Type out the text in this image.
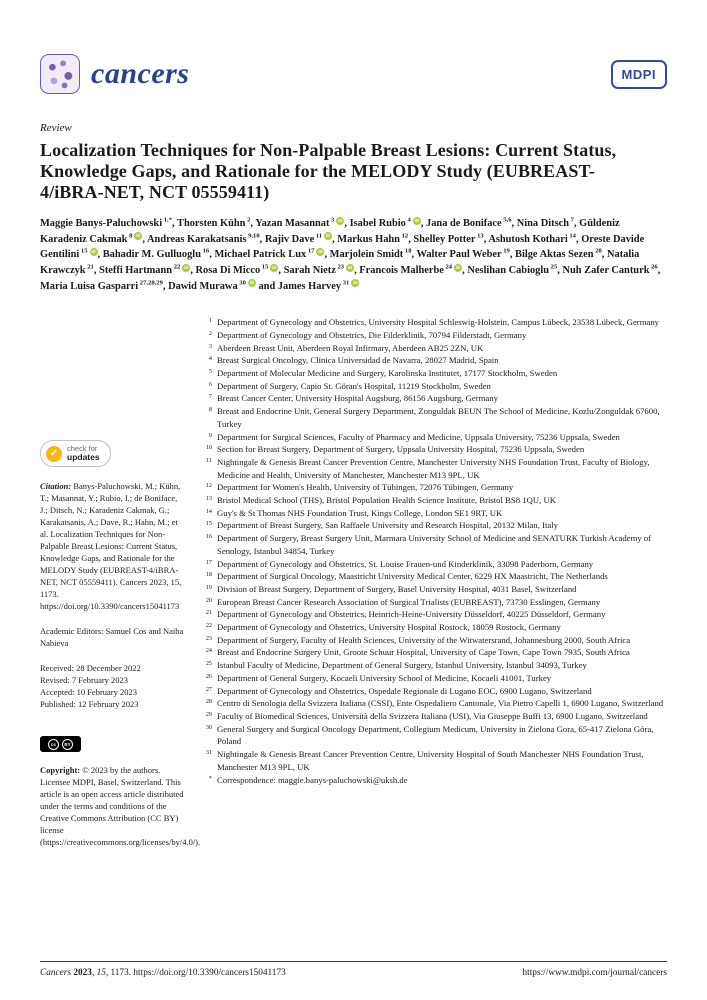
cancers	MDPI
Review
Localization Techniques for Non-Palpable Breast Lesions: Current Status, Knowledge Gaps, and Rationale for the MELODY Study (EUBREAST-4/iBRA-NET, NCT 05559411)

Maggie Banys-Paluchowski $^{1,*}$, Thorsten Kühn $^2$, Yazan Masannat $^3$ iD , Isabel Rubio $^4$ iD , Jana de Boniface $^{5,6}$, Nina Ditsch $^7$, Güldeniz Karadeniz Cakmak $^8$ iD , Andreas Karakatsanis $^{9,10}$, Rajiv Dave $^{11}$ iD , Markus Hahn $^{12}$, Shelley Potter $^{13}$, Ashutosh Kothari $^{14}$, Oreste Davide Gentilini $^{15}$ iD , Bahadir M. Gulluoglu $^{16}$, Michael Patrick Lux $^{17}$ iD , Marjolein Smidt $^{18}$, Walter Paul Weber $^{19}$, Bilge Aktas Sezen $^{20}$, Natalia Krawczyk $^{21}$, Steffi Hartmann $^{22}$ iD , Rosa Di Micco $^{15}$ iD , Sarah Nietz $^{23}$ iD , Francois Malherbe $^{24}$ iD , Neslihan Cabioglu $^{25}$, Nuh Zafer Canturk $^{26}$, Maria Luisa Gasparri $^{27,28,29}$, Dawid Murawa $^{30}$ iD and James Harvey $^{31}$ iD

✓	check for
updates

Citation: Banys-Paluchowski, M.; Kühn, T.; Masannat, Y.; Rubio, I.; de Boniface, J.; Ditsch, N.; Karadeniz Cakmak, G.; Karakatsanis, A.; Dave, R.; Hahn, M.; et al. Localization Techniques for Non-Palpable Breast Lesions: Current Status, Knowledge Gaps, and Rationale for the MELODY Study (EUBREAST-4/iBRA-NET, NCT 05559411). Cancers 2023, 15, 1173. https://doi.org/10.3390/cancers15041173

Academic Editors: Samuel Cos and Naiba Nabieva

Received: 28 December 2022
Revised: 7 February 2023
Accepted: 10 February 2023
Published: 12 February 2023
cc	BY

Copyright: © 2023 by the authors. Licensee MDPI, Basel, Switzerland. This article is an open access article distributed under the terms and conditions of the Creative Commons Attribution (CC BY) license (https://creativecommons.org/licenses/by/4.0/).

1 Department of Gynecology and Obstetrics, University Hospital Schleswig-Holstein, Campus Lübeck, 23538 Lübeck, Germany
2 Department of Gynecology and Obstetrics, Die Filderklinik, 70794 Filderstadt, Germany
3 Aberdeen Breast Unit, Aberdeen Royal Infirmary, Aberdeen AB25 2ZN, UK
4 Breast Surgical Oncology, Clinica Universidad de Navarra, 28027 Madrid, Spain
5 Department of Molecular Medicine and Surgery, Karolinska Institutet, 17177 Stockholm, Sweden
6 Department of Surgery, Capio St. Göran's Hospital, 11219 Stockholm, Sweden
7 Breast Cancer Center, University Hospital Augsburg, 86156 Augsburg, Germany
8 Breast and Endocrine Unit, General Surgery Department, Zonguldak BEUN The School of Medicine, Kozlu/Zonguldak 67600, Turkey
9 Department for Surgical Sciences, Faculty of Pharmacy and Medicine, Uppsala University, 75236 Uppsala, Sweden
10 Section for Breast Surgery, Department of Surgery, Uppsala University Hospital, 75236 Uppsala, Sweden
11 Nightingale & Genesis Breast Cancer Prevention Centre, Manchester University NHS Foundation Trust, Faculty of Biology, Medicine and Health, University of Manchester, Manchester M13 9PL, UK
12 Department for Women's Health, University of Tübingen, 72076 Tübingen, Germany
13 Bristol Medical School (THS), Bristol Population Health Science Institute, Bristol BS8 1QU, UK
14 Guy's & St Thomas NHS Foundation Trust, Kings College, London SE1 9RT, UK
15 Department of Breast Surgery, San Raffaele University and Research Hospital, 20132 Milan, Italy
16 Department of Surgery, Breast Surgery Unit, Marmara University School of Medicine and SENATURK Turkish Academy of Senology, Istanbul 34854, Turkey
17 Department of Gynecology and Obstetrics, St. Louise Frauen-und Kinderklinik, 33098 Paderborn, Germany
18 Department of Surgical Oncology, Maastricht University Medical Center, 6229 HX Maastricht, The Netherlands
19 Division of Breast Surgery, Department of Surgery, Basel University Hospital, 4031 Basel, Switzerland
20 European Breast Cancer Research Association of Surgical Trialists (EUBREAST), 73730 Esslingen, Germany
21 Department of Gynecology and Obstetrics, Heinrich-Heine-University Düsseldorf, 40225 Düsseldorf, Germany
22 Department of Gynecology and Obstetrics, University Hospital Rostock, 18059 Rostock, Germany
23 Department of Surgery, Faculty of Health Sciences, University of the Witwatersrand, Johannesburg 2000, South Africa
24 Breast and Endocrine Surgery Unit, Groote Schuur Hospital, University of Cape Town, Cape Town 7935, South Africa
25 Istanbul Faculty of Medicine, Department of General Surgery, Istanbul University, Istanbul 34093, Turkey
26 Department of General Surgery, Kocaeli University School of Medicine, Kocaeli 41001, Turkey
27 Department of Gynecology and Obstetrics, Ospedale Regionale di Lugano EOC, 6900 Lugano, Switzerland
28 Centro di Senologia della Svizzera Italiana (CSSI), Ente Ospedaliero Cantonale, Via Pietro Capelli 1, 6900 Lugano, Switzerland
29 Faculty of Biomedical Sciences, Università della Svizzera Italiana (USI), Via Giuseppe Buffi 13, 6900 Lugano, Switzerland
30 General Surgery and Surgical Oncology Department, Collegium Medicum, University in Zielona Gora, 65-417 Zielona Góra, Poland
31 Nightingale & Genesis Breast Cancer Prevention Centre, University Hospital of South Manchester NHS Foundation Trust, Manchester M13 9PL, UK
* Correspondence: maggie.banys-paluchowski@uksh.de
Cancers 2023, 15, 1173. https://doi.org/10.3390/cancers15041173	https://www.mdpi.com/journal/cancers
